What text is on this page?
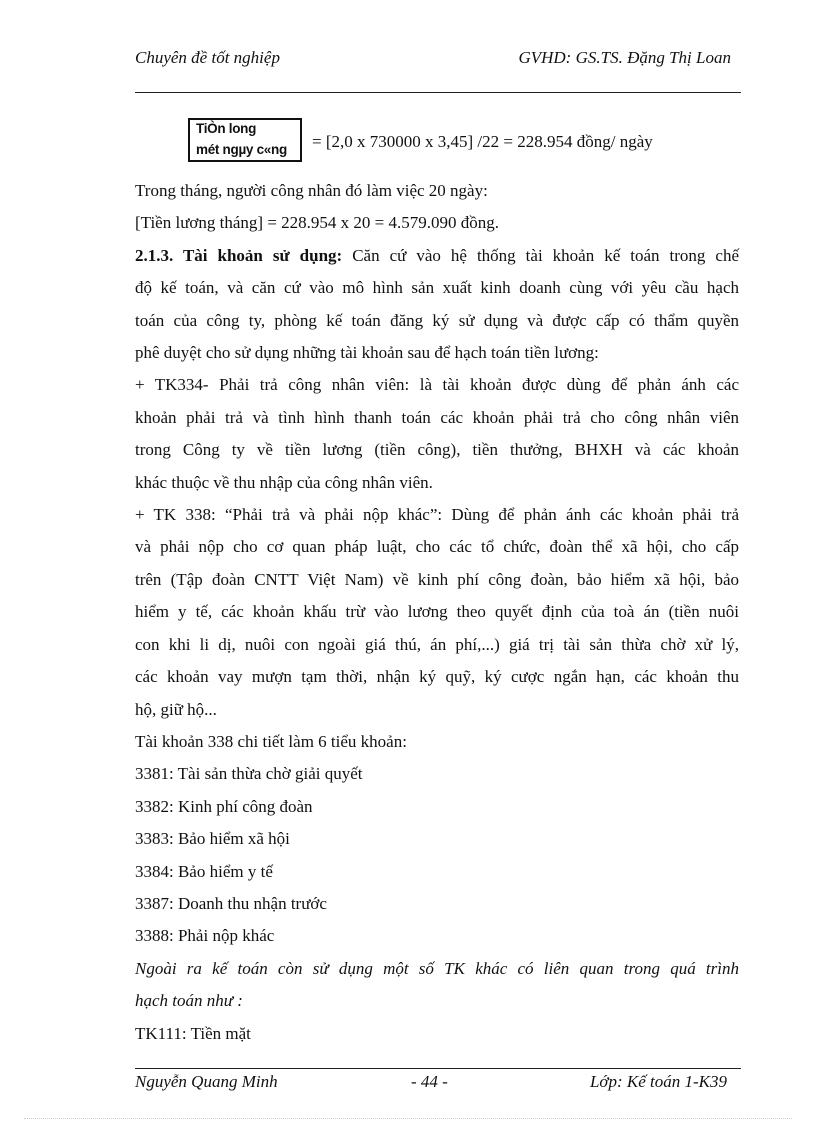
Chuyên đề tốt nghiệp	GVHD: GS.TS. Đặng Thị Loan
TiÒn long
mét ngµy c«ng	= [2,0 x 730000 x 3,45] /22 = 228.954 đồng/ ngày

Trong tháng, người công nhân đó làm việc 20 ngày:

[Tiền lương tháng] = 228.954 x 20 = 4.579.090 đồng.

2.1.3. Tài khoản sử dụng: Căn cứ vào hệ thống tài khoản kế toán trong chế

độ kế toán, và căn cứ vào mô hình sản xuất kinh doanh cùng với yêu cầu hạch

toán của công ty, phòng kế toán đăng ký sử dụng và được cấp có thẩm quyền

phê duyệt cho sử dụng những tài khoản sau để hạch toán tiền lương:

+ TK334- Phải trả công nhân viên: là tài khoản được dùng để phản ánh các

khoản phải trả và tình hình thanh toán các khoản phải trả cho công nhân viên

trong Công ty về tiền lương (tiền công), tiền thưởng, BHXH và các khoản

khác thuộc về thu nhập của công nhân viên.

+ TK 338: “Phải trả và phải nộp khác”: Dùng để phản ánh các khoản phải trả

và phải nộp cho cơ quan pháp luật, cho các tổ chức, đoàn thể xã hội, cho cấp

trên (Tập đoàn CNTT Việt Nam) về kinh phí công đoàn, bảo hiểm xã hội, bảo

hiểm y tế, các khoản khấu trừ vào lương theo quyết định của toà án (tiền nuôi

con khi li dị, nuôi con ngoài giá thú, án phí,...) giá trị tài sản thừa chờ xử lý,

các khoản vay mượn tạm thời, nhận ký quỹ, ký cược ngắn hạn, các khoản thu

hộ, giữ hộ...

Tài khoản 338 chi tiết làm 6 tiểu khoản:

3381: Tài sản thừa chờ giải quyết

3382: Kinh phí công đoàn

3383: Bảo hiểm xã hội

3384: Bảo hiểm y tế

3387: Doanh thu nhận trước

3388: Phải nộp khác

Ngoài ra kế toán còn sử dụng một số TK khác có liên quan trong quá trình

hạch toán như :

TK111: Tiền mặt

Nguyễn Quang Minh	- 44 -	Lớp: Kế toán 1-K39
